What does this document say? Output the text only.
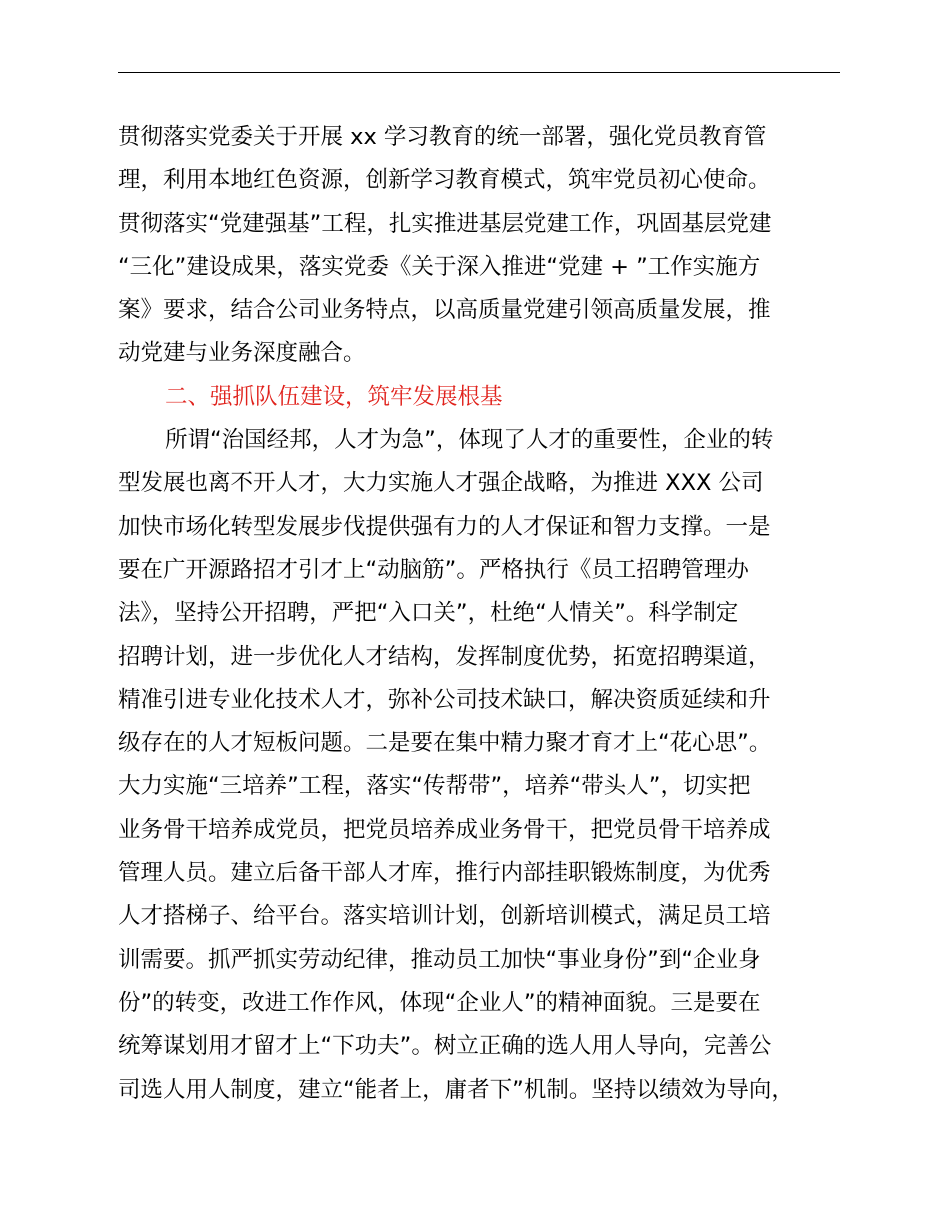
贯彻落实党委关于开展 xx 学习教育的统一部署，强化党员教育管
理，利用本地红色资源，创新学习教育模式，筑牢党员初心使命。
贯彻落实“党建强基”工程，扎实推进基层党建工作，巩固基层党建
“三化”建设成果，落实党委《关于深入推进“党建 + ”工作实施方
案》要求，结合公司业务特点，以高质量党建引领高质量发展，推
动党建与业务深度融合。
二、强抓队伍建设，筑牢发展根基
所谓“治国经邦，人才为急”，体现了人才的重要性，企业的转
型发展也离不开人才，大力实施人才强企战略，为推进 XXX 公司
加快市场化转型发展步伐提供强有力的人才保证和智力支撑。一是
要在广开源路招才引才上“动脑筋”。严格执行《员工招聘管理办
法》，坚持公开招聘，严把“入口关”，杜绝“人情关”。科学制定
招聘计划，进一步优化人才结构，发挥制度优势，拓宽招聘渠道，
精准引进专业化技术人才，弥补公司技术缺口，解决资质延续和升
级存在的人才短板问题。二是要在集中精力聚才育才上“花心思”。
大力实施“三培养”工程，落实“传帮带”，培养“带头人”，切实把
业务骨干培养成党员，把党员培养成业务骨干，把党员骨干培养成
管理人员。建立后备干部人才库，推行内部挂职锻炼制度，为优秀
人才搭梯子、给平台。落实培训计划，创新培训模式，满足员工培
训需要。抓严抓实劳动纪律，推动员工加快“事业身份”到“企业身
份”的转变，改进工作作风，体现“企业人”的精神面貌。三是要在
统筹谋划用才留才上“下功夫”。树立正确的选人用人导向，完善公
司选人用人制度，建立“能者上，庸者下”机制。坚持以绩效为导向，
